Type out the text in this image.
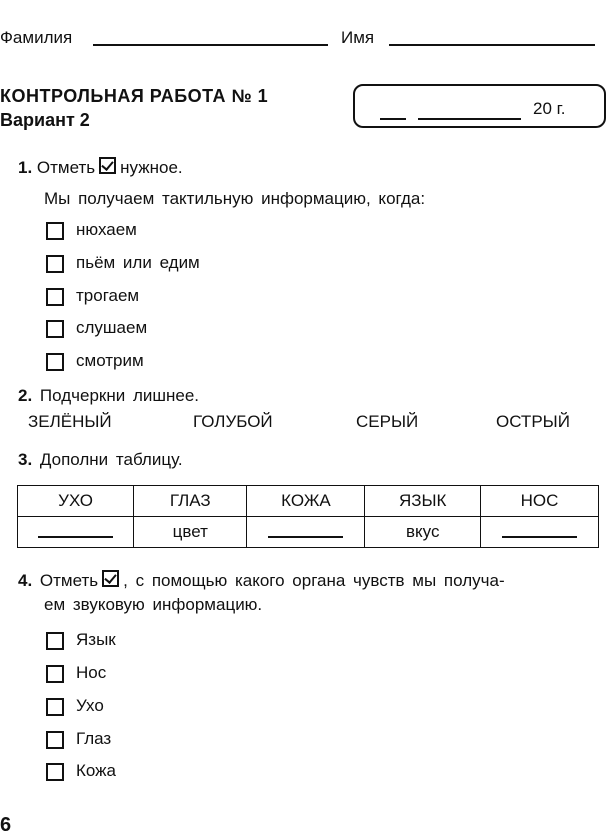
Фамилия	Имя
КОНТРОЛЬНАЯ РАБОТА № 1
Вариант 2
20 г.
1. Отметь нужное.
Мы получаем тактильную информацию, когда:
нюхаем
пьём или едим
трогаем
слушаем
смотрим
2. Подчеркни лишнее.
ЗЕЛЁНЫЙ	ГОЛУБОЙ	СЕРЫЙ	ОСТРЫЙ
3. Дополни таблицу.
УХО	ГЛАЗ	КОЖА	ЯЗЫК	НОС
	цвет		вкус	
4. Отметь , с помощью какого органа чувств мы получа-
ем звуковую информацию.
Язык
Нос
Ухо
Глаз
Кожа
6
